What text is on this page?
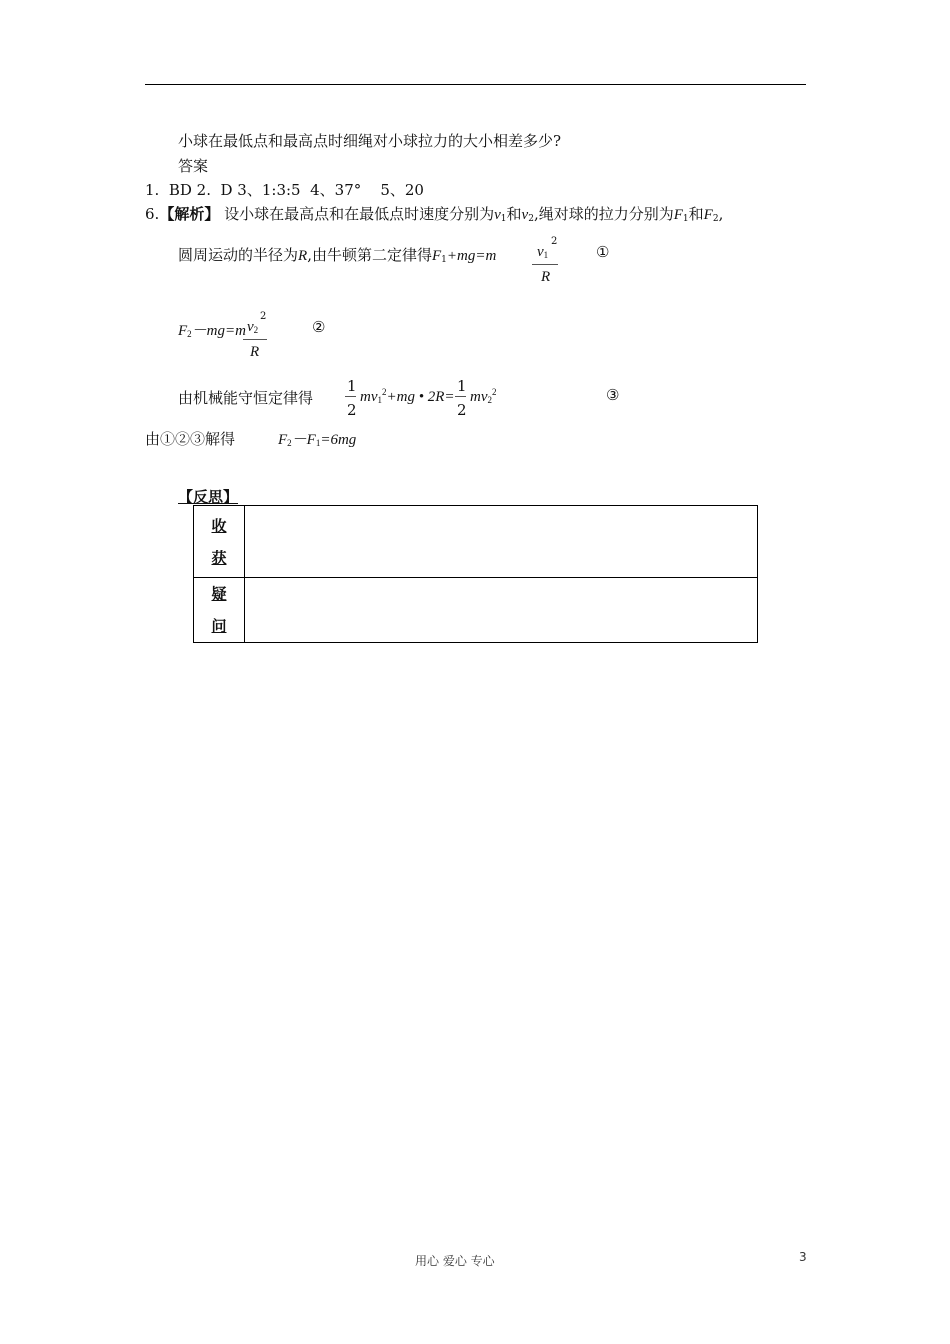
小球在最低点和最高点时细绳对小球拉力的大小相差多少?
答案
1.  BD 2.  D 3、1:3:5  4、37°    5、20
6.【解析】 设小球在最高点和在最低点时速度分别为$v_1$和$v_2$,绳对球的拉力分别为$F_1$和$F_2$,
圆周运动的半径为R,由牛顿第二定律得$F_1+mg=m$	$v_1$
2
R
①
$F_2-mg=m$ $v_2$
2
R
②
由机械能守恒定律得
1
2
$mv_1^2+mg$ • 2R=
1
2
$mv_2^2$	③
由①②③解得	$F_2-F_1=6mg$
【反思】
收
获	

疑
问	

用心 爱心 专心	3
